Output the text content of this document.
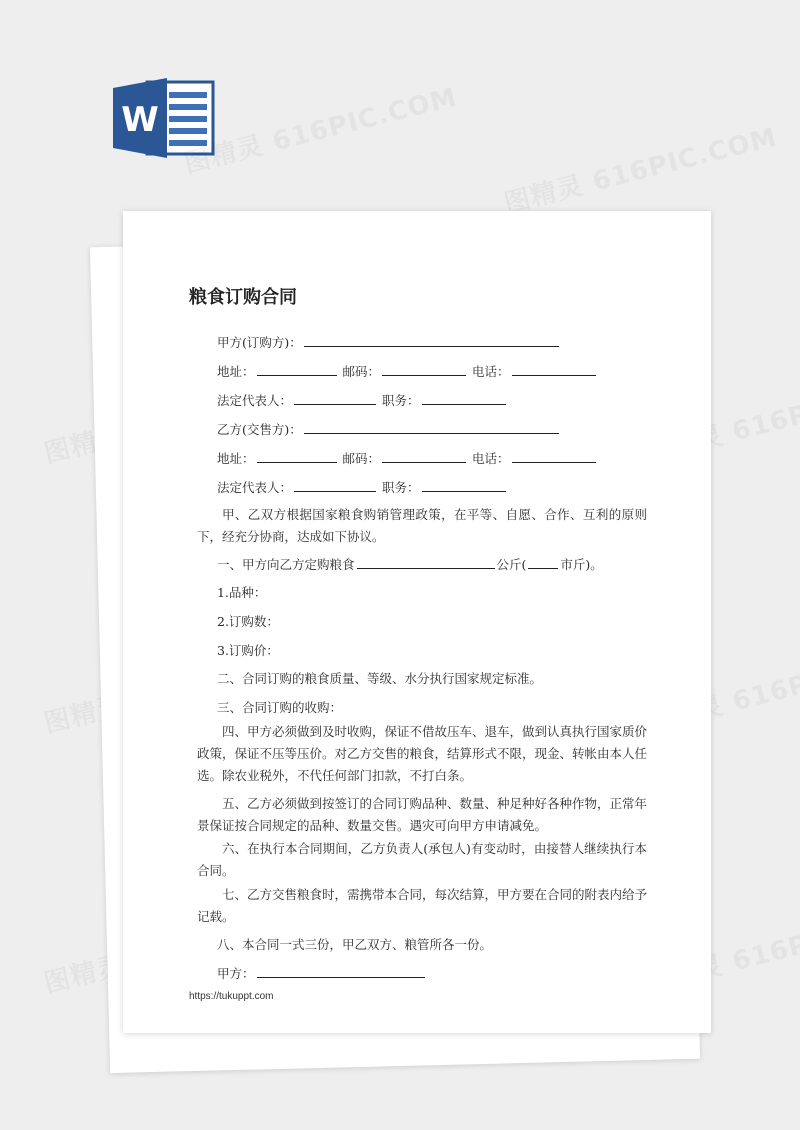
W
粮食订购合同
甲方(订购方)：
地址：	邮码：	电话：
法定代表人：	职务：
乙方(交售方)：
地址：	邮码：	电话：
法定代表人：	职务：
甲、乙双方根据国家粮食购销管理政策，在平等、自愿、合作、互利的原则下，经充分协商，达成如下协议。
一、甲方向乙方定购粮食	公斤(	市斤)。
1.品种：
2.订购数：
3.订购价：
二、合同订购的粮食质量、等级、水分执行国家规定标准。
三、合同订购的收购：
四、甲方必须做到及时收购，保证不借故压车、退车，做到认真执行国家质价政策，保证不压等压价。对乙方交售的粮食，结算形式不限，现金、转帐由本人任选。除农业税外，不代任何部门扣款，不打白条。
五、乙方必须做到按签订的合同订购品种、数量、种足种好各种作物，正常年景保证按合同规定的品种、数量交售。遇灾可向甲方申请减免。
六、在执行本合同期间，乙方负责人(承包人)有变动时，由接替人继续执行本合同。
七、乙方交售粮食时，需携带本合同，每次结算，甲方要在合同的附表内给予记载。
八、本合同一式三份，甲乙双方、粮管所各一份。
甲方：
https://tukuppt.com
